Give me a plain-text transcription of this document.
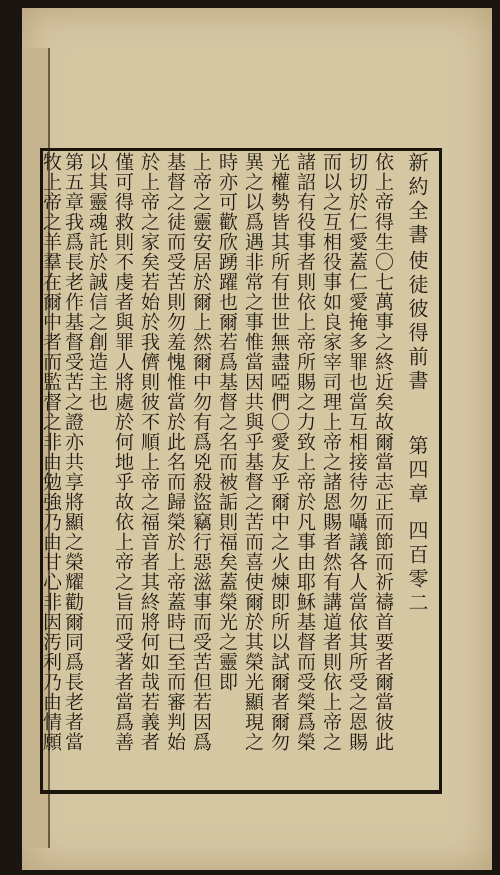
新約全書
使徒彼得前書
第四章
四百零二
依上帝得生〇七萬事之終近矣故爾當志正而節而祈禱首要者爾當彼此
切切於仁愛蓋仁愛掩多罪也當互相接待勿囁議各人當依其所受之恩賜
而以之互相役事如良家宰司理上帝之諸恩賜者然有講道者則依上帝之
諸詔有役事者則依上帝所賜之力致上帝於凡事由耶穌基督而受榮爲榮
光權勢皆其所有世世無盡啞們〇愛友乎爾中之火煉即所以試爾者爾勿
異之以爲遇非常之事惟當因共與乎基督之苦而喜使爾於其榮光顯現之
時亦可歡欣踴躍也爾若爲基督之名而被詬則福矣蓋榮光之靈即
上帝之靈安居於爾上然爾中勿有爲兇殺盜竊行惡滋事而受苦但若因爲
基督之徒而受苦則勿羞愧惟當於此名而歸榮於上帝蓋時已至而審判始
於上帝之家矣若始於我儕則彼不順上帝之福音者其終將何如哉若義者
僅可得救則不虔者與罪人將處於何地乎故依上帝之旨而受著者當爲善
以其靈魂託於誠信之創造主也
第五章我爲長老作基督受苦之證亦共享將顯之榮耀勸爾同爲長老者當
牧上帝之羊羣在爾中者而監督之非由勉強乃由甘心非因汚利乃由情願
